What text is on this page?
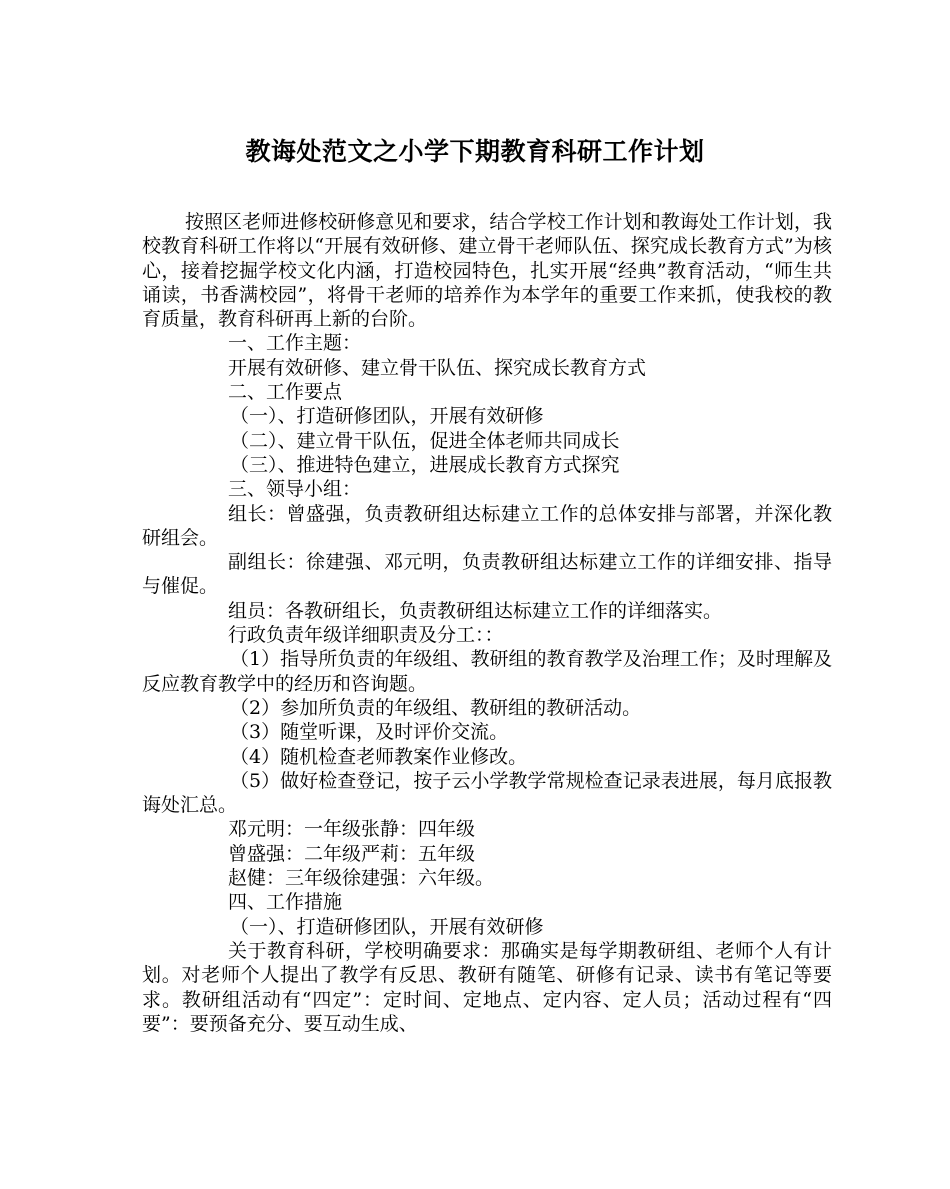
教诲处范文之小学下期教育科研工作计划

按照区老师进修校研修意见和要求，结合学校工作计划和教诲处工作计划，我校教育科研工作将以“开展有效研修、建立骨干老师队伍、探究成长教育方式”为核心，接着挖掘学校文化内涵，打造校园特色，扎实开展“经典”教育活动，“师生共诵读，书香满校园”，将骨干老师的培养作为本学年的重要工作来抓，使我校的教育质量，教育科研再上新的台阶。

一、工作主题：

开展有效研修、建立骨干队伍、探究成长教育方式

二、工作要点

（一）、打造研修团队，开展有效研修

（二）、建立骨干队伍，促进全体老师共同成长

（三）、推进特色建立，进展成长教育方式探究

三、领导小组：

组长：曾盛强，负责教研组达标建立工作的总体安排与部署，并深化教研组会。

副组长：徐建强、邓元明，负责教研组达标建立工作的详细安排、指导与催促。

组员：各教研组长，负责教研组达标建立工作的详细落实。

行政负责年级详细职责及分工：：

（1）指导所负责的年级组、教研组的教育教学及治理工作；及时理解及反应教育教学中的经历和咨询题。

（2）参加所负责的年级组、教研组的教研活动。

（3）随堂听课，及时评价交流。

（4）随机检查老师教案作业修改。

（5）做好检查登记，按子云小学教学常规检查记录表进展，每月底报教诲处汇总。

邓元明：一年级张静：四年级

曾盛强：二年级严莉：五年级

赵健：三年级徐建强：六年级。

四、工作措施

（一）、打造研修团队，开展有效研修

关于教育科研，学校明确要求：那确实是每学期教研组、老师个人有计划。对老师个人提出了教学有反思、教研有随笔、研修有记录、读书有笔记等要求。教研组活动有“四定”：定时间、定地点、定内容、定人员；活动过程有“四要”：要预备充分、要互动生成、
